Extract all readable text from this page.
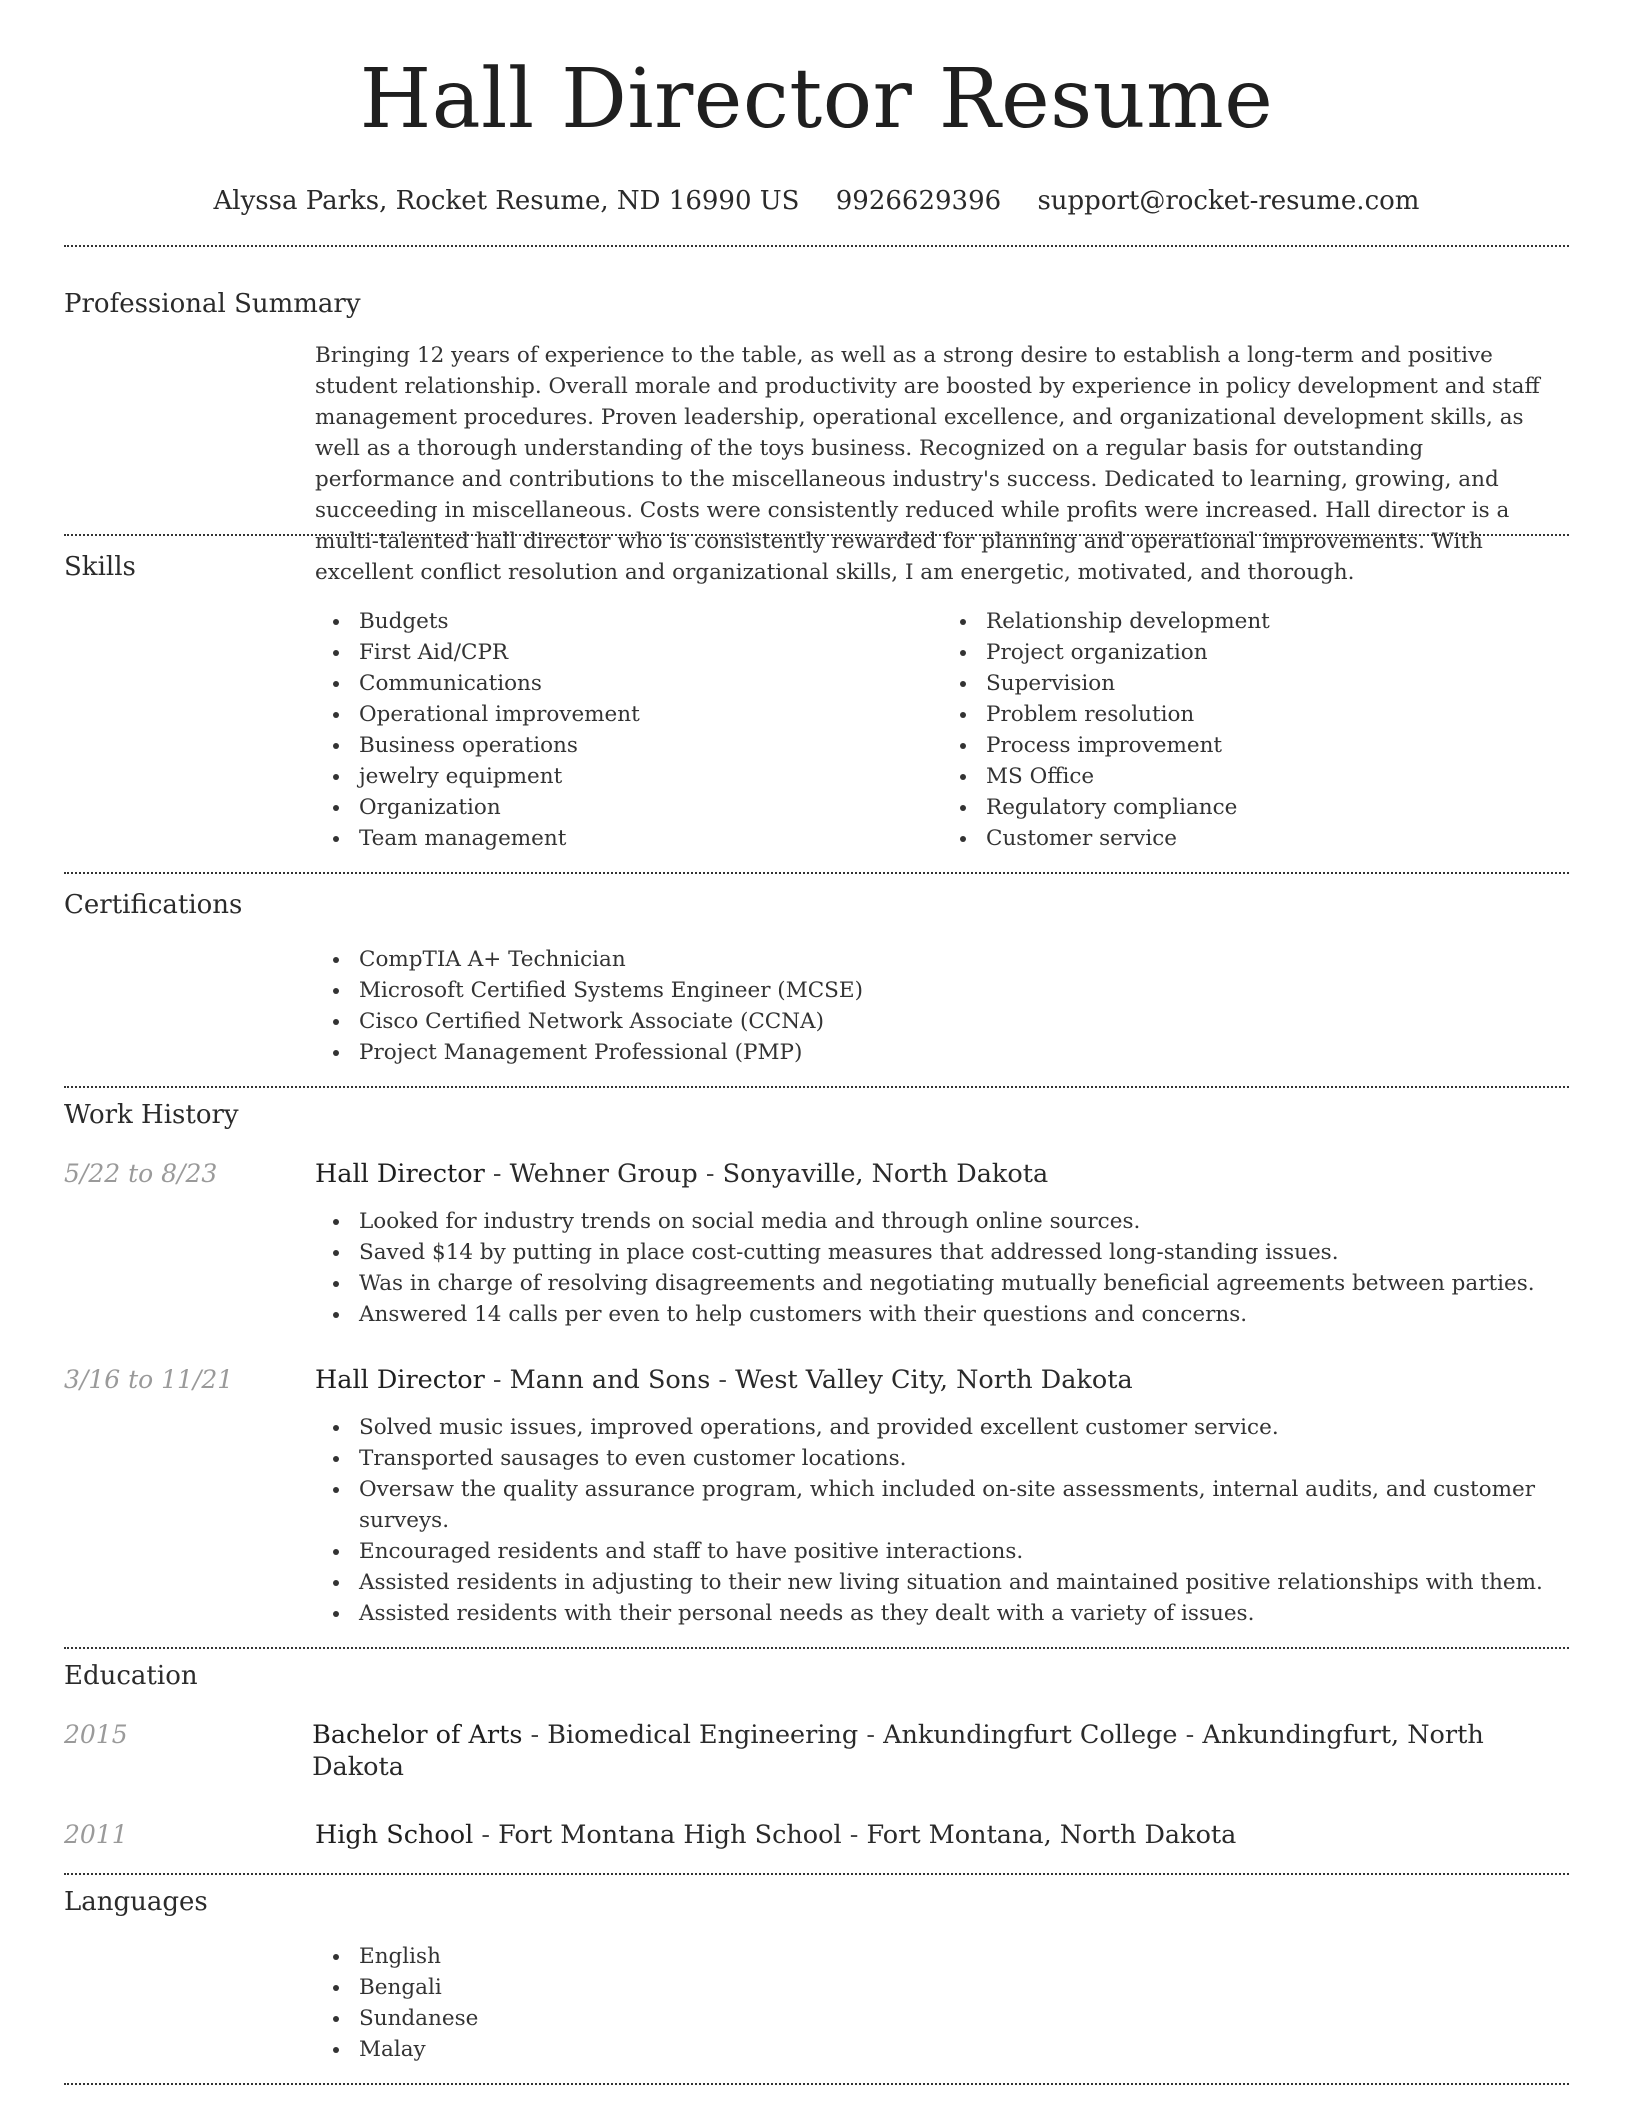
Hall Director Resume
Alyssa Parks, Rocket Resume, ND 16990 US 9926629396 support@rocket-resume.com
Professional Summary

Bringing 12 years of experience to the table, as well as a strong desire to establish a long-term and positive student relationship. Overall morale and productivity are boosted by experience in policy development and staff management procedures. Proven leadership, operational excellence, and organizational development skills, as well as a thorough understanding of the toys business. Recognized on a regular basis for outstanding performance and contributions to the miscellaneous industry's success. Dedicated to learning, growing, and succeeding in miscellaneous. Costs were consistently reduced while profits were increased. Hall director is a multi-talented hall director who is consistently rewarded for planning and operational improvements. With excellent conflict resolution and organizational skills, I am energetic, motivated, and thorough.

Skills
Budgets
First Aid/CPR
Communications
Operational improvement
Business operations
jewelry equipment
Organization
Team management
Relationship development
Project organization
Supervision
Problem resolution
Process improvement
MS Office
Regulatory compliance
Customer service
Certifications
CompTIA A+ Technician
Microsoft Certified Systems Engineer (MCSE)
Cisco Certified Network Associate (CCNA)
Project Management Professional (PMP)
Work History
5/22 to 8/23	Hall Director - Wehner Group - Sonyaville, North Dakota
Looked for industry trends on social media and through online sources.
Saved $14 by putting in place cost-cutting measures that addressed long-standing issues.
Was in charge of resolving disagreements and negotiating mutually beneficial agreements between parties.
Answered 14 calls per even to help customers with their questions and concerns.
3/16 to 11/21	Hall Director - Mann and Sons - West Valley City, North Dakota
Solved music issues, improved operations, and provided excellent customer service.
Transported sausages to even customer locations.
Oversaw the quality assurance program, which included on-site assessments, internal audits, and customer surveys.
Encouraged residents and staff to have positive interactions.
Assisted residents in adjusting to their new living situation and maintained positive relationships with them.
Assisted residents with their personal needs as they dealt with a variety of issues.
Education
2015	Bachelor of Arts - Biomedical Engineering - Ankundingfurt College - Ankundingfurt, North Dakota
2011	High School - Fort Montana High School - Fort Montana, North Dakota
Languages
English
Bengali
Sundanese
Malay
